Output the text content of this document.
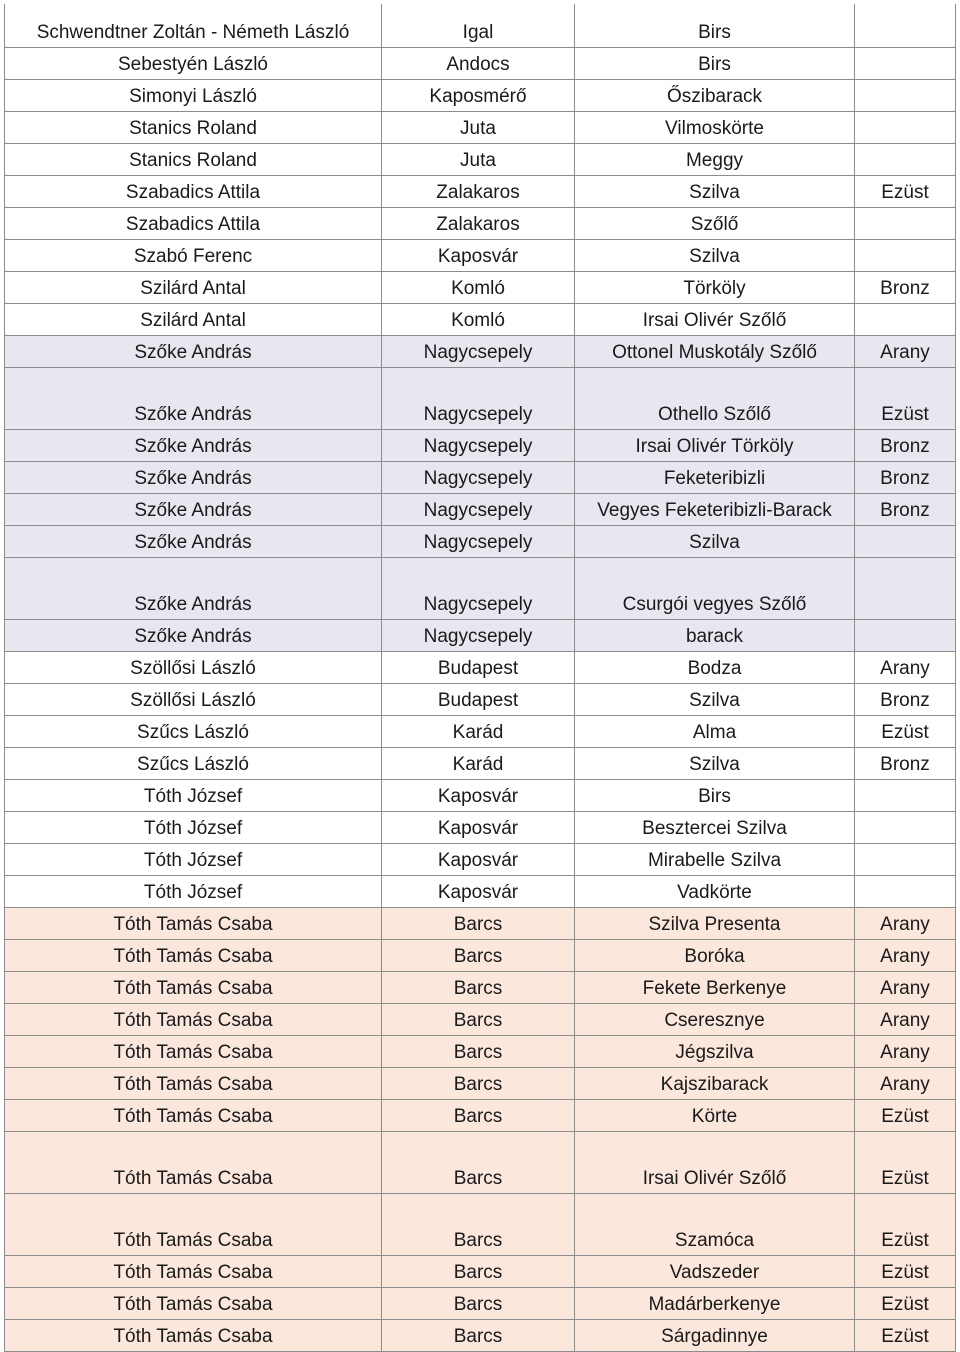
Schwendtner Zoltán - Németh László	Igal	Birs	
Sebestyén László	Andocs	Birs	
Simonyi László	Kaposmérő	Őszibarack	
Stanics Roland	Juta	Vilmoskörte	
Stanics Roland	Juta	Meggy	
Szabadics Attila	Zalakaros	Szilva	Ezüst
Szabadics Attila	Zalakaros	Szőlő	
Szabó Ferenc	Kaposvár	Szilva	
Szilárd Antal	Komló	Törköly	Bronz
Szilárd Antal	Komló	Irsai Olivér Szőlő	
Szőke András	Nagycsepely	Ottonel Muskotály Szőlő	Arany
Szőke András	Nagycsepely	Othello Szőlő	Ezüst
Szőke András	Nagycsepely	Irsai Olivér Törköly	Bronz
Szőke András	Nagycsepely	Feketeribizli	Bronz
Szőke András	Nagycsepely	Vegyes Feketeribizli-Barack	Bronz
Szőke András	Nagycsepely	Szilva	
Szőke András	Nagycsepely	Csurgói vegyes Szőlő	
Szőke András	Nagycsepely	barack	
Szöllősi László	Budapest	Bodza	Arany
Szöllősi László	Budapest	Szilva	Bronz
Szűcs László	Karád	Alma	Ezüst
Szűcs László	Karád	Szilva	Bronz
Tóth József	Kaposvár	Birs	
Tóth József	Kaposvár	Besztercei Szilva	
Tóth József	Kaposvár	Mirabelle Szilva	
Tóth József	Kaposvár	Vadkörte	
Tóth Tamás Csaba	Barcs	Szilva Presenta	Arany
Tóth Tamás Csaba	Barcs	Boróka	Arany
Tóth Tamás Csaba	Barcs	Fekete Berkenye	Arany
Tóth Tamás Csaba	Barcs	Cseresznye	Arany
Tóth Tamás Csaba	Barcs	Jégszilva	Arany
Tóth Tamás Csaba	Barcs	Kajszibarack	Arany
Tóth Tamás Csaba	Barcs	Körte	Ezüst
Tóth Tamás Csaba	Barcs	Irsai Olivér Szőlő	Ezüst
Tóth Tamás Csaba	Barcs	Szamóca	Ezüst
Tóth Tamás Csaba	Barcs	Vadszeder	Ezüst
Tóth Tamás Csaba	Barcs	Madárberkenye	Ezüst
Tóth Tamás Csaba	Barcs	Sárgadinnye	Ezüst
